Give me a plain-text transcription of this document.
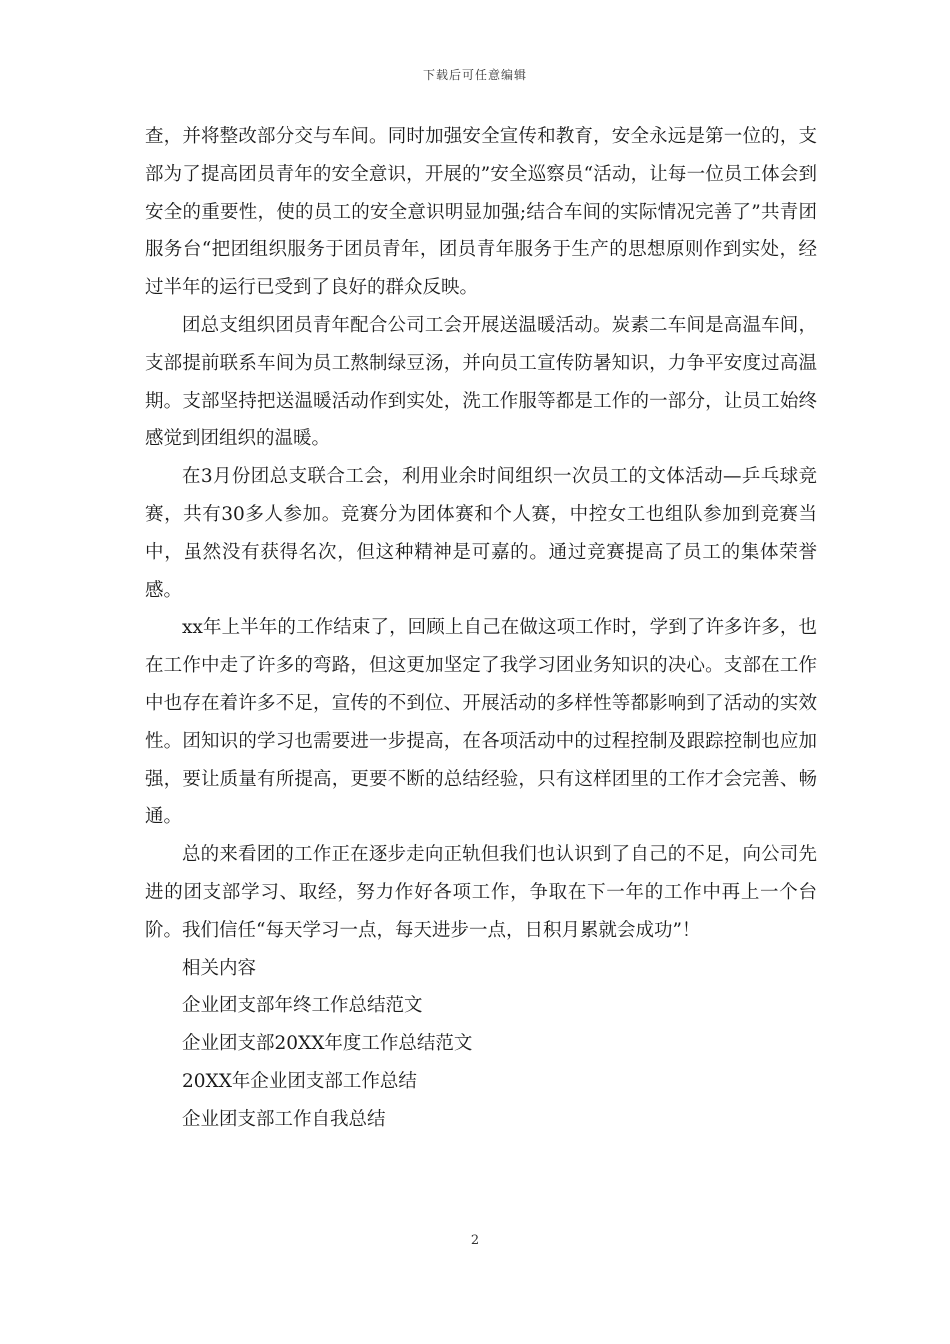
下载后可任意编辑

查，并将整改部分交与车间。同时加强安全宣传和教育，安全永远是第一位的，支部为了提高团员青年的安全意识，开展的”安全巡察员“活动，让每一位员工体会到安全的重要性，使的员工的安全意识明显加强;结合车间的实际情况完善了”共青团服务台“把团组织服务于团员青年，团员青年服务于生产的思想原则作到实处，经过半年的运行已受到了良好的群众反映。

团总支组织团员青年配合公司工会开展送温暖活动。炭素二车间是高温车间，支部提前联系车间为员工熬制绿豆汤，并向员工宣传防暑知识，力争平安度过高温期。支部坚持把送温暖活动作到实处，洗工作服等都是工作的一部分，让员工始终感觉到团组织的温暖。

在3月份团总支联合工会，利用业余时间组织一次员工的文体活动—乒乓球竞赛，共有30多人参加。竞赛分为团体赛和个人赛，中控女工也组队参加到竞赛当中，虽然没有获得名次，但这种精神是可嘉的。通过竞赛提高了员工的集体荣誉感。

xx年上半年的工作结束了，回顾上自己在做这项工作时，学到了许多许多，也在工作中走了许多的弯路，但这更加坚定了我学习团业务知识的决心。支部在工作中也存在着许多不足，宣传的不到位、开展活动的多样性等都影响到了活动的实效性。团知识的学习也需要进一步提高，在各项活动中的过程控制及跟踪控制也应加强，要让质量有所提高，更要不断的总结经验，只有这样团里的工作才会完善、畅通。

总的来看团的工作正在逐步走向正轨但我们也认识到了自己的不足，向公司先进的团支部学习、取经，努力作好各项工作，争取在下一年的工作中再上一个台阶。我们信任“每天学习一点，每天进步一点，日积月累就会成功”！

相关内容

企业团支部年终工作总结范文

企业团支部20XX年度工作总结范文

20XX年企业团支部工作总结

企业团支部工作自我总结

2
